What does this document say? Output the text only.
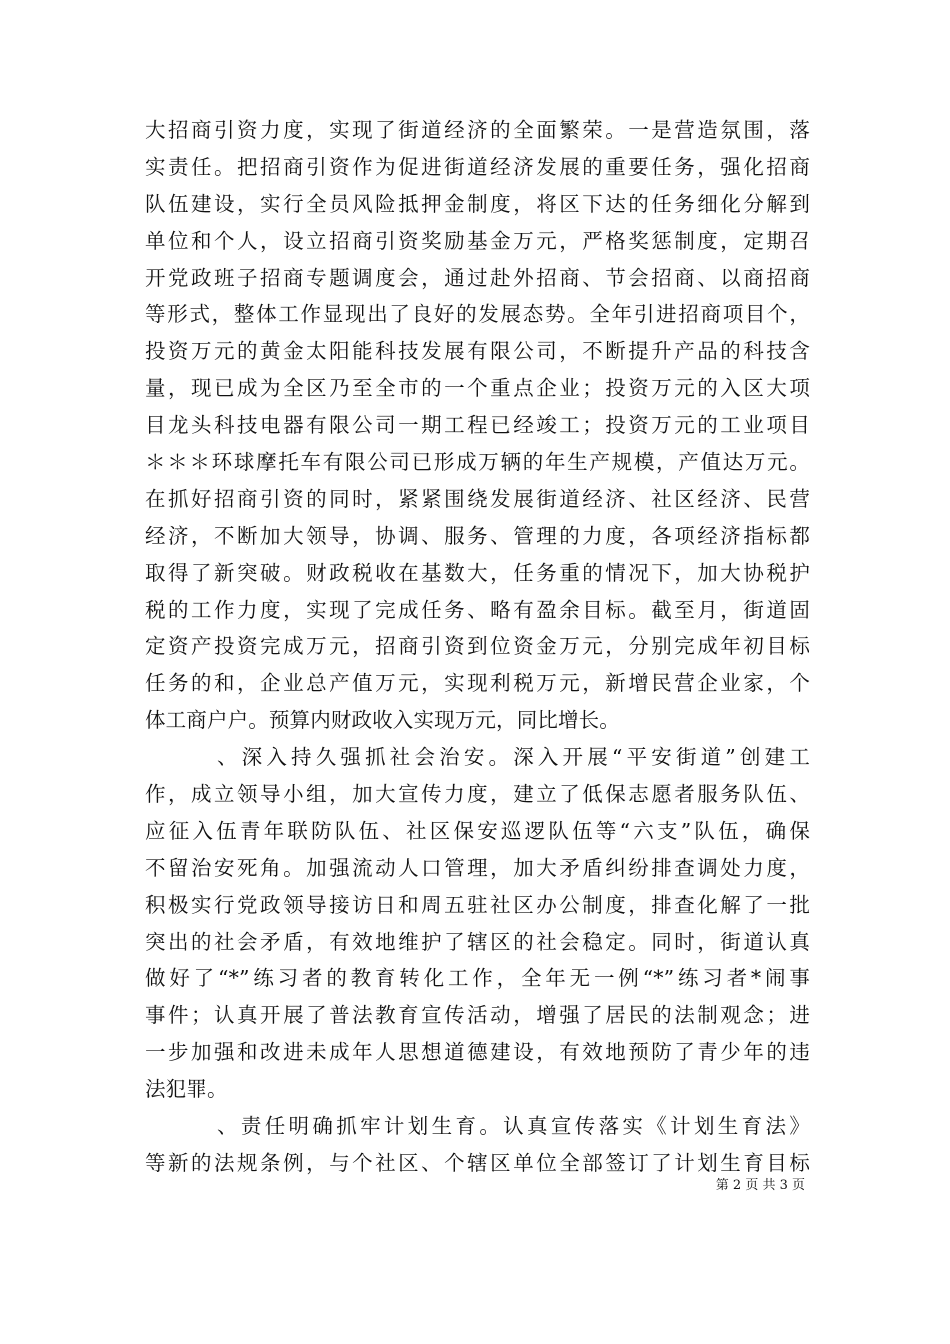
大招商引资力度，实现了街道经济的全面繁荣。一是营造氛围，落
实责任。把招商引资作为促进街道经济发展的重要任务，强化招商
队伍建设，实行全员风险抵押金制度，将区下达的任务细化分解到
单位和个人，设立招商引资奖励基金万元，严格奖惩制度，定期召
开党政班子招商专题调度会，通过赴外招商、节会招商、以商招商
等形式，整体工作显现出了良好的发展态势。全年引进招商项目个，
投资万元的黄金太阳能科技发展有限公司，不断提升产品的科技含
量，现已成为全区乃至全市的一个重点企业；投资万元的入区大项
目龙头科技电器有限公司一期工程已经竣工；投资万元的工业项目
＊＊＊环球摩托车有限公司已形成万辆的年生产规模，产值达万元。
在抓好招商引资的同时，紧紧围绕发展街道经济、社区经济、民营
经济，不断加大领导，协调、服务、管理的力度，各项经济指标都
取得了新突破。财政税收在基数大，任务重的情况下，加大协税护
税的工作力度，实现了完成任务、略有盈余目标。截至月，街道固
定资产投资完成万元，招商引资到位资金万元，分别完成年初目标
任务的和，企业总产值万元，实现利税万元，新增民营企业家，个
体工商户户。预算内财政收入实现万元，同比增长。
、深入持久强抓社会治安。深入开展“平安街道”创建工
作，成立领导小组，加大宣传力度，建立了低保志愿者服务队伍、
应征入伍青年联防队伍、社区保安巡逻队伍等“六支”队伍，确保
不留治安死角。加强流动人口管理，加大矛盾纠纷排查调处力度，
积极实行党政领导接访日和周五驻社区办公制度，排查化解了一批
突出的社会矛盾，有效地维护了辖区的社会稳定。同时，街道认真
做好了“*”练习者的教育转化工作，全年无一例“*”练习者*闹事
事件；认真开展了普法教育宣传活动，增强了居民的法制观念；进
一步加强和改进未成年人思想道德建设，有效地预防了青少年的违
法犯罪。
、责任明确抓牢计划生育。认真宣传落实《计划生育法》
等新的法规条例，与个社区、个辖区单位全部签订了计划生育目标
第 2 页 共 3 页
